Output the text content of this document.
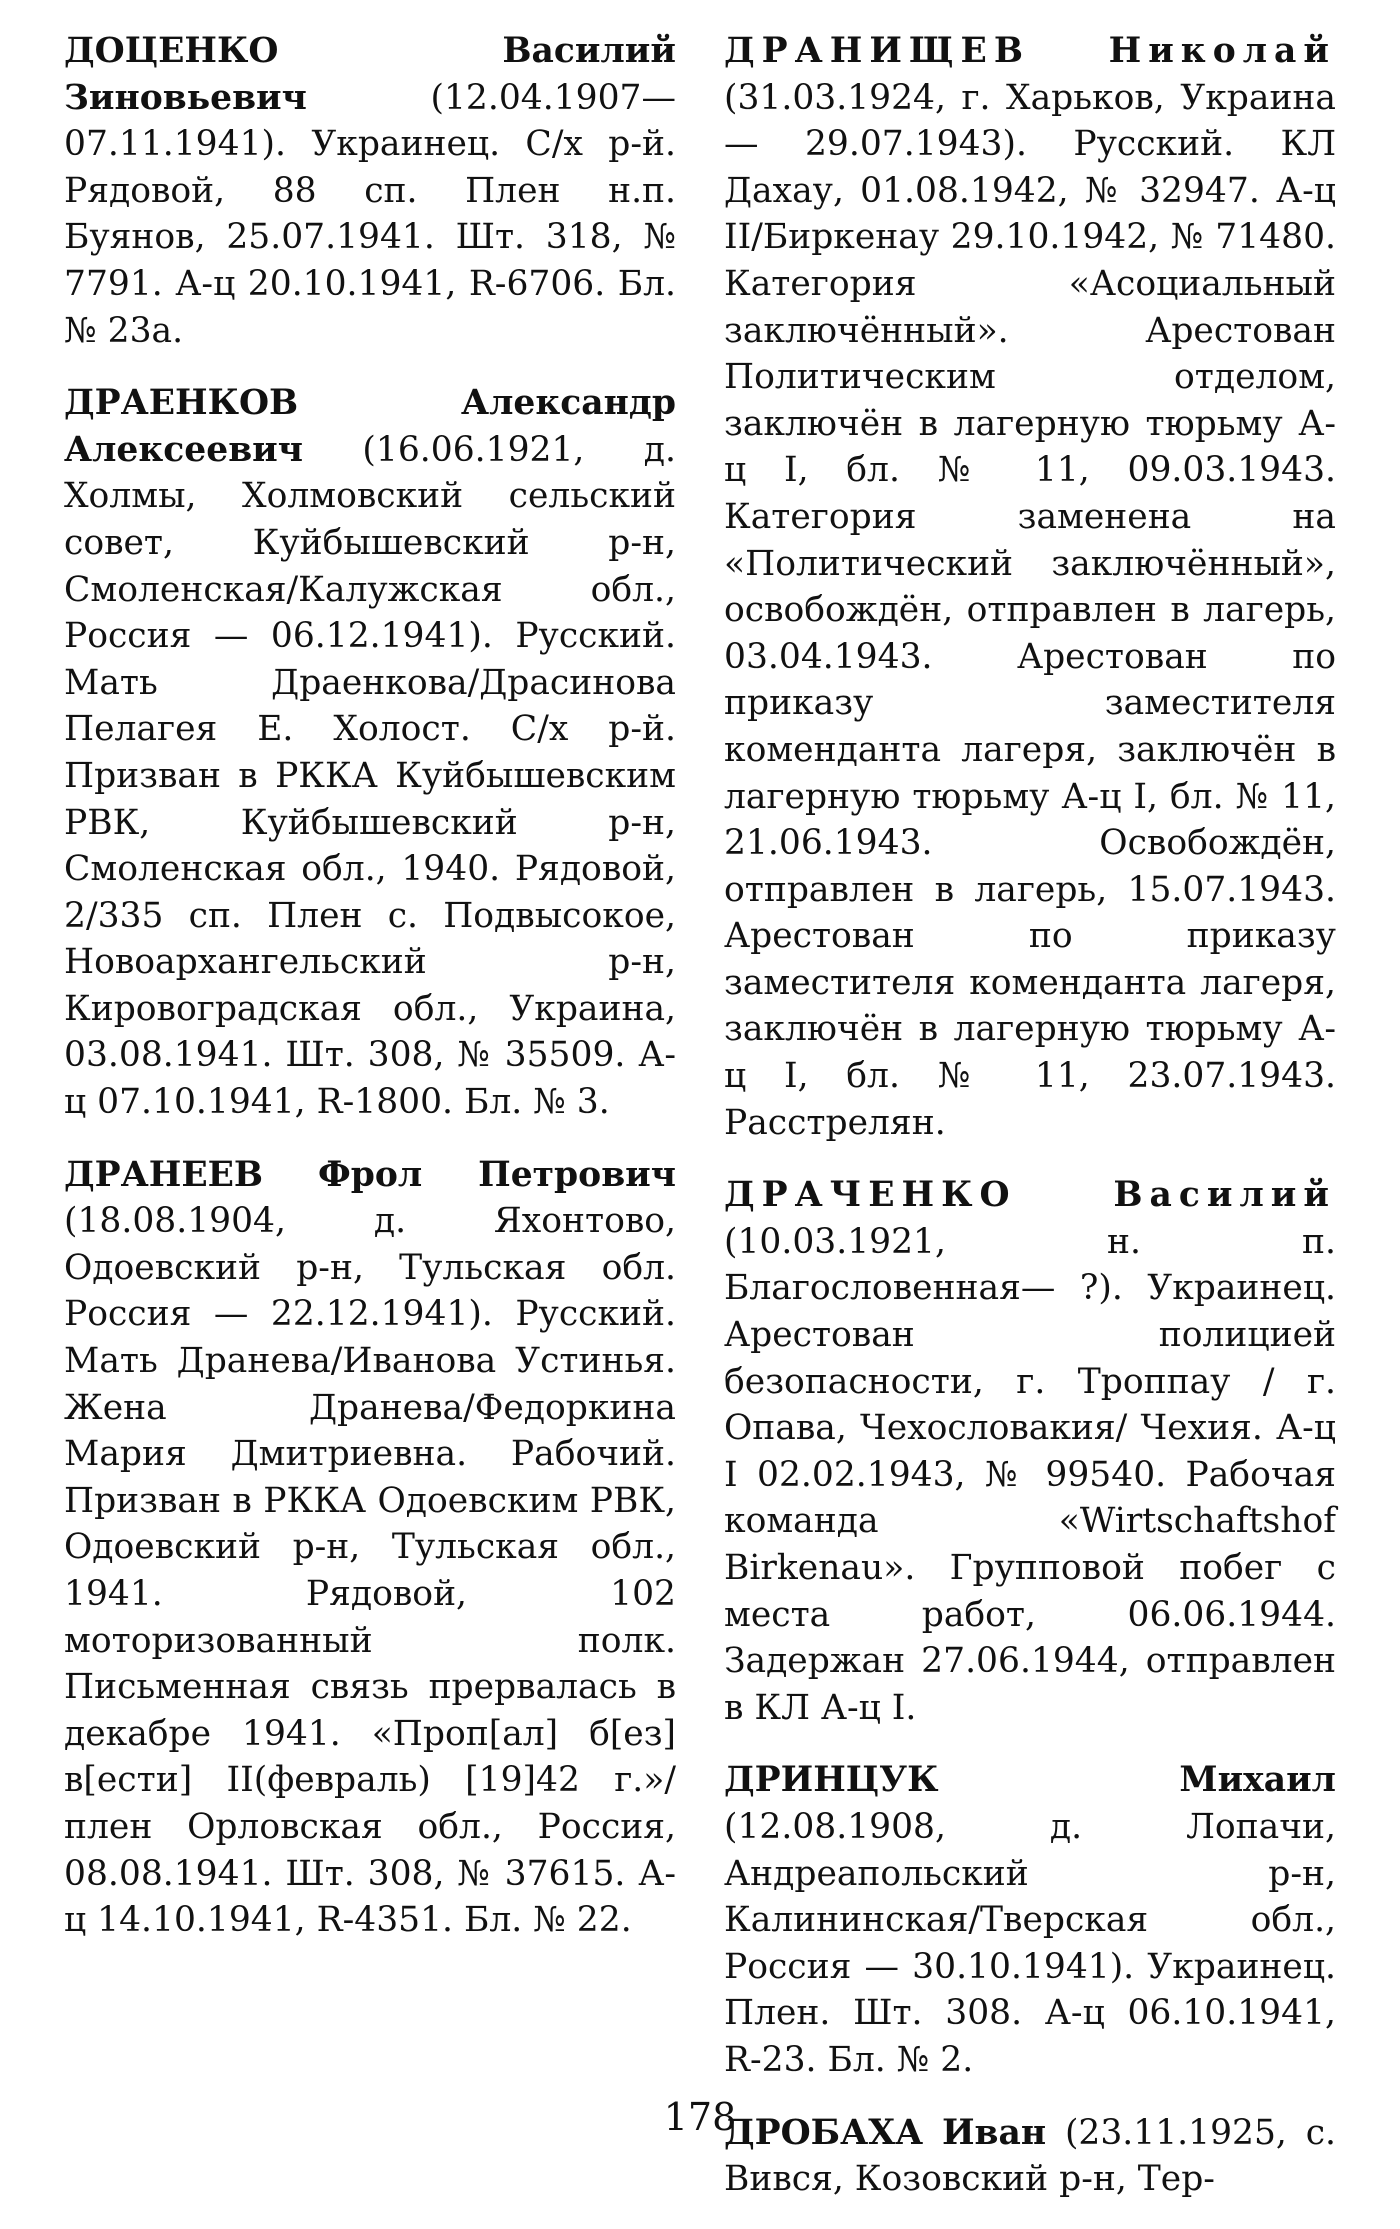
ДОЦЕНКО	Василий Зиновьевич	(12.04.1907—07.11.1941). Украинец. С/х р-й. Рядовой, 88 сп. Плен н.п. Буянов, 25.07.1941. Шт. 318, № 7791. А-ц 20.10.1941, R-6706. Бл. № 23а.

ДРАЕНКОВ	Александр Алексеевич (16.06.1921, д. Холмы, Холмовский сельский совет, Куйбышевский р-н, Смоленская/Калужская обл., Россия — 06.12.1941). Русский. Мать Драенкова/Драсинова Пелагея Е. Холост. С/х р-й. Призван в РККА Куйбышевским РВК, Куйбышевский р-н, Смоленская обл., 1940. Рядовой, 2/335 сп. Плен с. Подвысокое, Новоархангельский р-н, Кировоградская обл., Украина, 03.08.1941. Шт. 308, № 35509. А-ц 07.10.1941, R-1800. Бл. № 3.

ДРАНЕЕВ Фрол Петрович (18.08.1904, д. Яхонтово, Одоевский р-н, Тульская обл. Россия — 22.12.1941). Русский. Мать Дранева/Иванова Устинья. Жена Дранева/Федоркина Мария Дмитриевна. Рабочий. Призван в РККА Одоевским РВК, Одоевский р-н, Тульская обл., 1941. Рядовой, 102 моторизованный полк. Письменная связь прервалась в декабре 1941. «Проп[ал] б[ез] в[ести] II(февраль) [19]42 г.»/ плен Орловская обл., Россия, 08.08.1941. Шт. 308, № 37615. А-ц 14.10.1941, R-4351. Бл. № 22.

ДРАНИЩЕВ Николай (31.03.1924, г. Харьков, Украина — 29.07.1943). Русский. КЛ Дахау, 01.08.1942, № 32947. А-ц II/Биркенау 29.10.1942, № 71480. Категория «Асоциальный заключённый». Арестован Политическим отделом, заключён в лагерную тюрьму А-ц I, бл. № 11, 09.03.1943. Категория заменена на «Политический заключённый», освобождён, отправлен в лагерь, 03.04.1943. Арестован по приказу заместителя коменданта лагеря, заключён в лагерную тюрьму А-ц I, бл. № 11, 21.06.1943. Освобождён, отправлен в лагерь, 15.07.1943. Арестован по приказу заместителя коменданта лагеря, заключён в лагерную тюрьму А-ц I, бл. № 11, 23.07.1943. Расстрелян.

ДРАЧЕНКО	Василий (10.03.1921, н. п. Благословенная— ?). Украинец. Арестован полицией безопасности, г. Троппау / г. Опава, Чехословакия/ Чехия. А-ц I 02.02.1943, № 99540. Рабочая команда «Wirtschaftshof Birkenau». Групповой побег с места работ, 06.06.1944. Задержан 27.06.1944, отправлен в КЛ А-ц I.

ДРИНЦУК	Михаил (12.08.1908, д. Лопачи, Андреапольский р-н, Калининская/Тверская обл., Россия — 30.10.1941). Украинец. Плен. Шт. 308. А-ц 06.10.1941, R-23. Бл. № 2.

ДРОБАХА Иван (23.11.1925, с. Вився, Козовский р-н, Тер-

178
